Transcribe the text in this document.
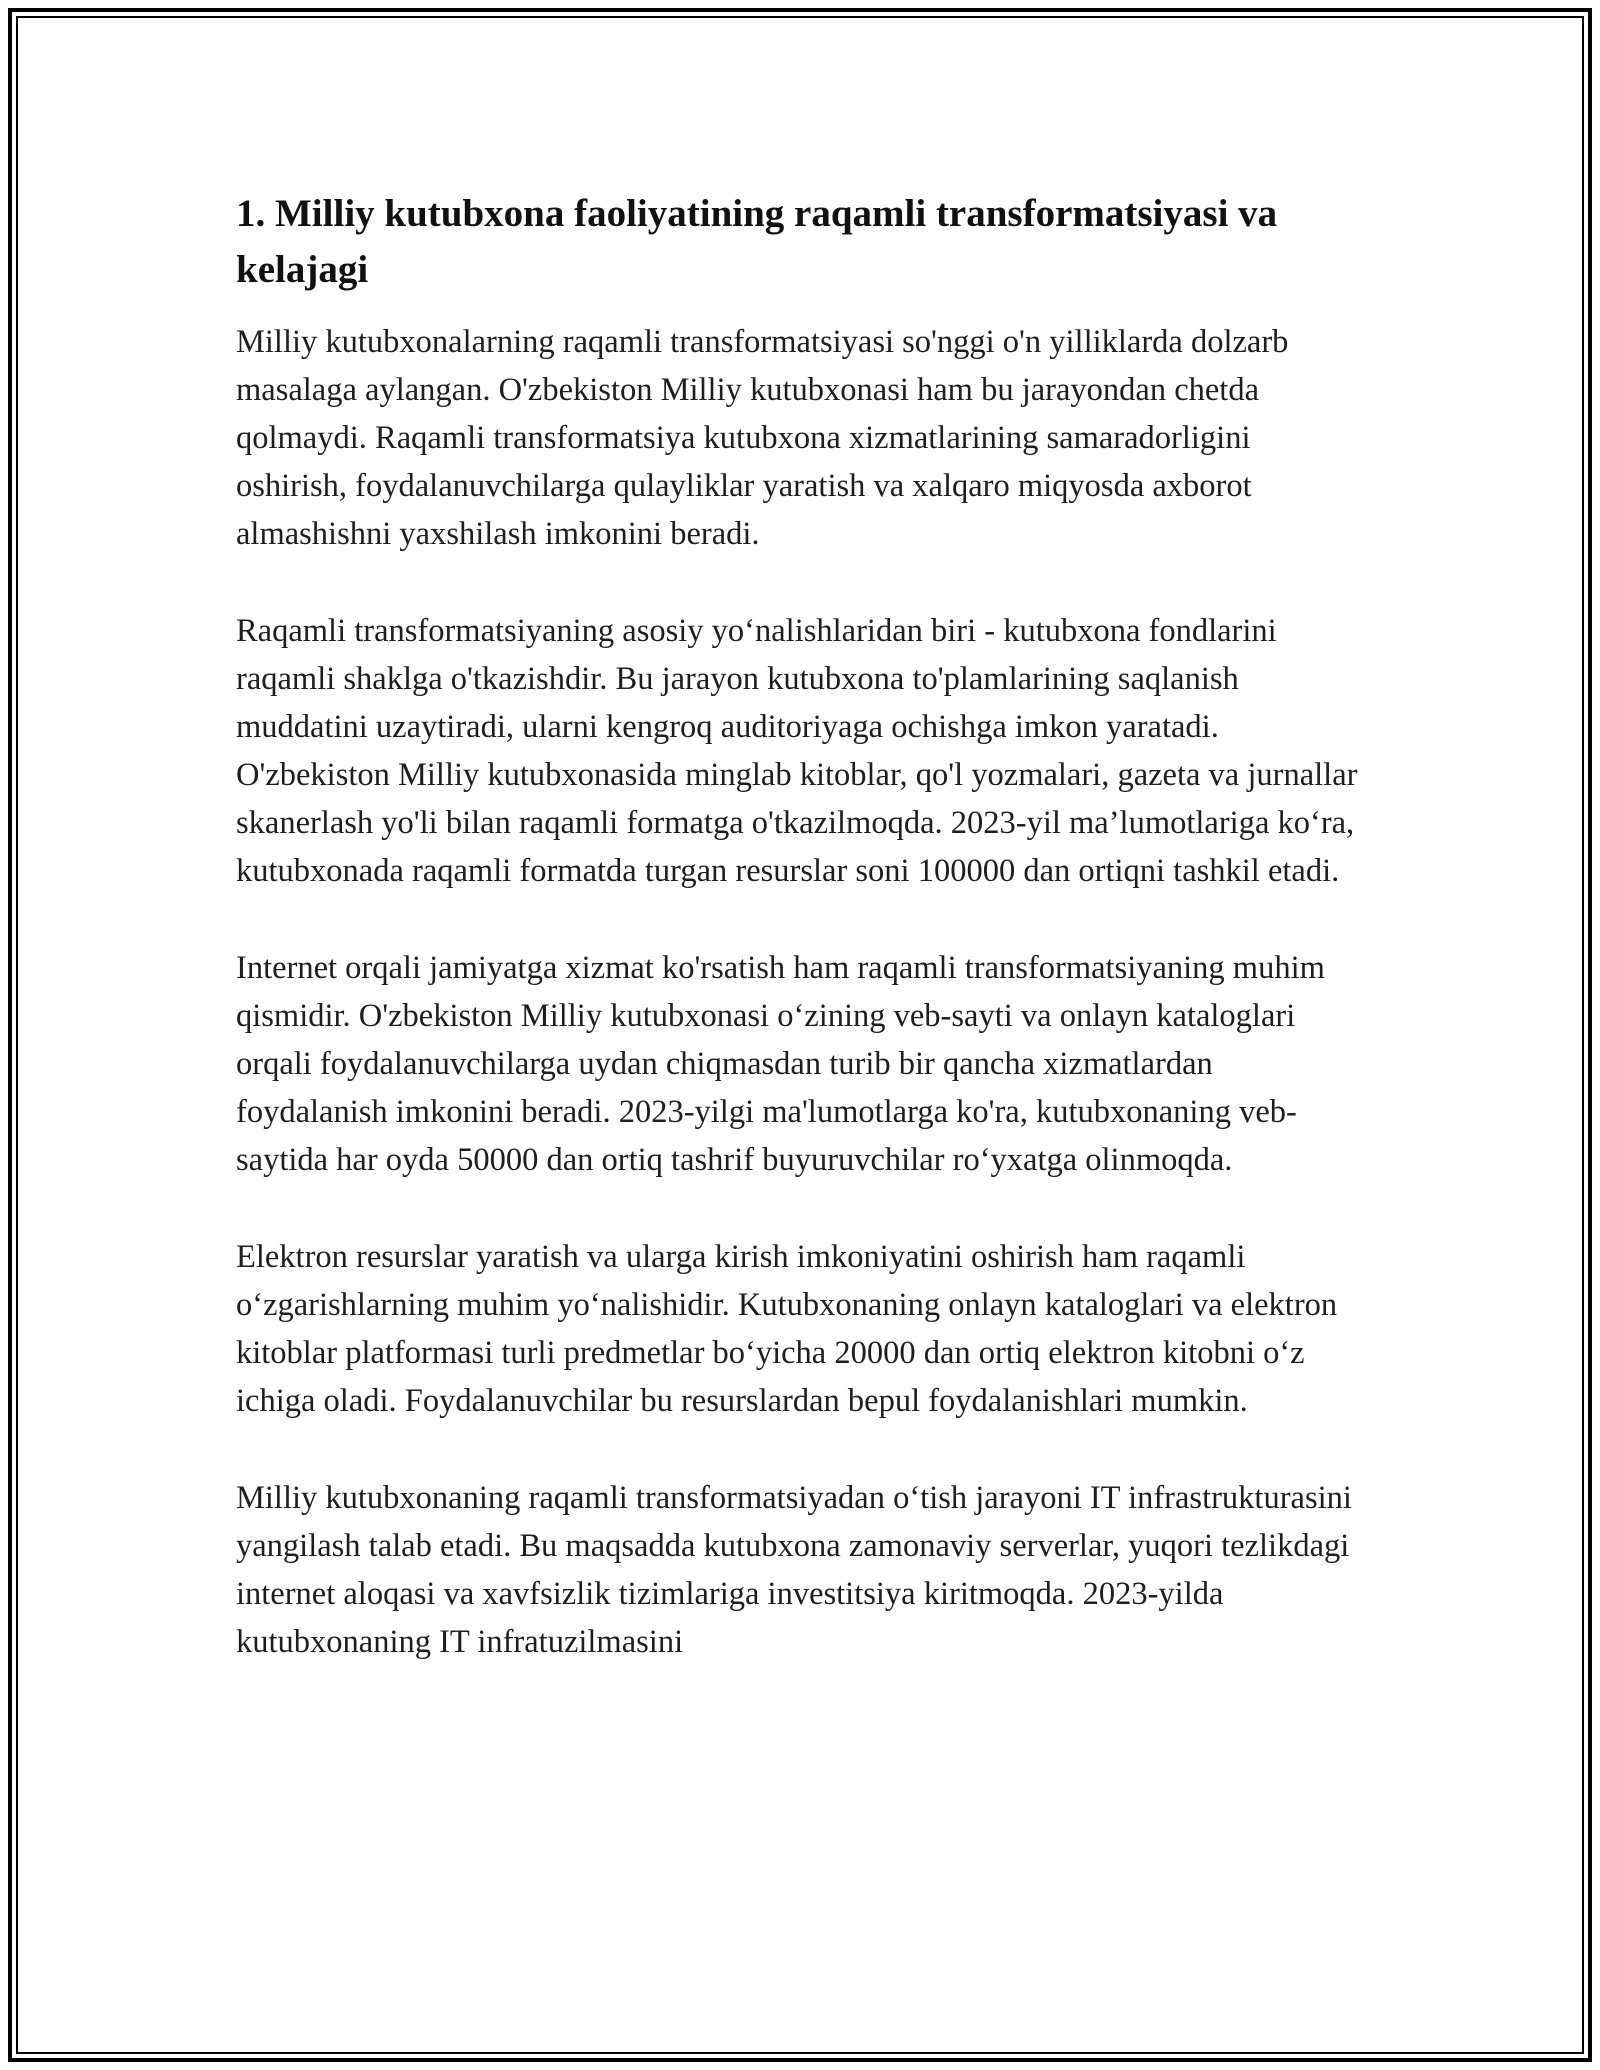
1. Milliy kutubxona faoliyatining raqamli transformatsiyasi va kelajagi

Milliy kutubxonalarning raqamli transformatsiyasi so'nggi o'n yilliklarda dolzarb masalaga aylangan. O'zbekiston Milliy kutubxonasi ham bu jarayondan chetda qolmaydi. Raqamli transformatsiya kutubxona xizmatlarining samaradorligini oshirish, foydalanuvchilarga qulayliklar yaratish va xalqaro miqyosda axborot almashishni yaxshilash imkonini beradi.

Raqamli transformatsiyaning asosiy yo‘nalishlaridan biri - kutubxona fondlarini raqamli shaklga o'tkazishdir. Bu jarayon kutubxona to'plamlarining saqlanish muddatini uzaytiradi, ularni kengroq auditoriyaga ochishga imkon yaratadi. O'zbekiston Milliy kutubxonasida minglab kitoblar, qo'l yozmalari, gazeta va jurnallar skanerlash yo'li bilan raqamli formatga o'tkazilmoqda. 2023-yil ma’lumotlariga ko‘ra, kutubxonada raqamli formatda turgan resurslar soni 100000 dan ortiqni tashkil etadi.

Internet orqali jamiyatga xizmat ko'rsatish ham raqamli transformatsiyaning muhim qismidir. O'zbekiston Milliy kutubxonasi o‘zining veb-sayti va onlayn kataloglari orqali foydalanuvchilarga uydan chiqmasdan turib bir qancha xizmatlardan foydalanish imkonini beradi. 2023-yilgi ma'lumotlarga ko'ra, kutubxonaning veb-saytida har oyda 50000 dan ortiq tashrif buyuruvchilar ro‘yxatga olinmoqda.

Elektron resurslar yaratish va ularga kirish imkoniyatini oshirish ham raqamli o‘zgarishlarning muhim yo‘nalishidir. Kutubxonaning onlayn kataloglari va elektron kitoblar platformasi turli predmetlar bo‘yicha 20000 dan ortiq elektron kitobni o‘z ichiga oladi. Foydalanuvchilar bu resurslardan bepul foydalanishlari mumkin.

Milliy kutubxonaning raqamli transformatsiyadan o‘tish jarayoni IT infrastrukturasini yangilash talab etadi. Bu maqsadda kutubxona zamonaviy serverlar, yuqori tezlikdagi internet aloqasi va xavfsizlik tizimlariga investitsiya kiritmoqda. 2023-yilda kutubxonaning IT infratuzilmasini
